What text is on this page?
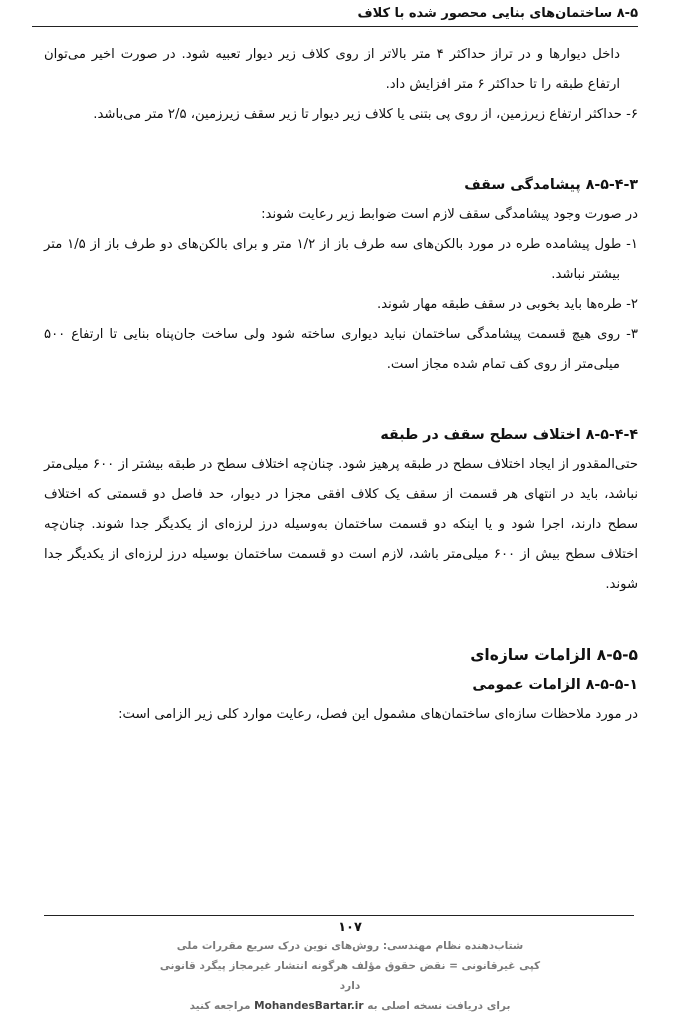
۸-۵ ساختمان‌های بنایی محصور شده با کلاف

داخل دیوارها و در تراز حداکثر ۴ متر بالاتر از روی کلاف زیر دیوار تعبیه شود. در صورت اخیر می‌توان ارتفاع طبقه را تا حداکثر ۶ متر افزایش داد.

۶- حداکثر ارتفاع زیرزمین، از روی پی بتنی یا کلاف زیر دیوار تا زیر سقف زیرزمین، ۲/۵ متر می‌باشد.

۸-۵-۴-۳ پیشامدگی سقف

در صورت وجود پیشامدگی سقف لازم است ضوابط زیر رعایت شوند:

۱- طول پیشامده طره در مورد بالکن‌های سه طرف باز از ۱/۲ متر و برای بالکن‌های دو طرف باز از ۱/۵ متر بیشتر نباشد.

۲- طره‌ها باید بخوبی در سقف طبقه مهار شوند.

۳- روی هیچ قسمت پیشامدگی ساختمان نباید دیواری ساخته شود ولی ساخت جان‌پناه بنایی تا ارتفاع ۵۰۰ میلی‌متر از روی کف تمام شده مجاز است.

۸-۵-۴-۴ اختلاف سطح سقف در طبقه

حتی‌المقدور از ایجاد اختلاف سطح در طبقه پرهیز شود. چنان‌چه اختلاف سطح در طبقه بیشتر از ۶۰۰ میلی‌متر نباشد، باید در انتهای هر قسمت از سقف یک کلاف افقی مجزا در دیوار، حد فاصل دو قسمتی که اختلاف سطح دارند، اجرا شود و یا اینکه دو قسمت ساختمان به‌وسیله درز لرزه‌ای از یکدیگر جدا شوند. چنان‌چه اختلاف سطح بیش از ۶۰۰ میلی‌متر باشد، لازم است دو قسمت ساختمان بوسیله درز لرزه‌ای از یکدیگر جدا شوند.

۸-۵-۵ الزامات سازه‌ای

۸-۵-۵-۱ الزامات عمومی

در مورد ملاحظات سازه‌ای ساختمان‌های مشمول این فصل، رعایت موارد کلی زیر الزامی است:

۱۰۷
شتاب‌دهنده نظام مهندسی: روش‌های نوین درک سریع مقررات ملی
کپی غیرقانونی = نقض حقوق مؤلف هرگونه انتشار غیرمجاز پیگرد قانونی دارد
برای دریافت نسخه اصلی به MohandesBartar.ir مراجعه کنید
